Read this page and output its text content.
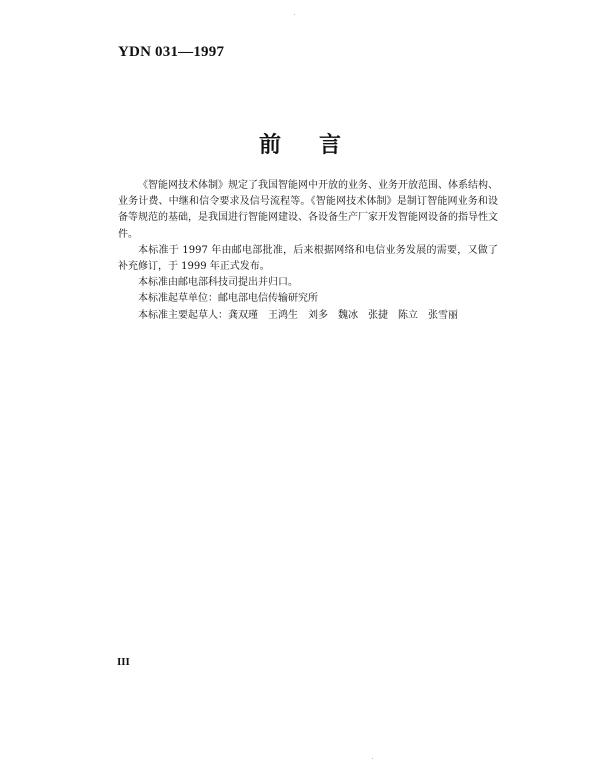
YDN 031—1997

前言

《智能网技术体制》规定了我国智能网中开放的业务、业务开放范围、体系结构、业务计费、中继和信令要求及信号流程等。《智能网技术体制》是制订智能网业务和设备等规范的基础，是我国进行智能网建设、各设备生产厂家开发智能网设备的指导性文件。

本标准于 1997 年由邮电部批准，后来根据网络和电信业务发展的需要，又做了补充修订，于 1999 年正式发布。

本标准由邮电部科技司提出并归口。

本标准起草单位：邮电部电信传输研究所

本标准主要起草人：龚双瑾　王鸿生　刘多　魏冰　张捷　陈立　张雪丽

III
